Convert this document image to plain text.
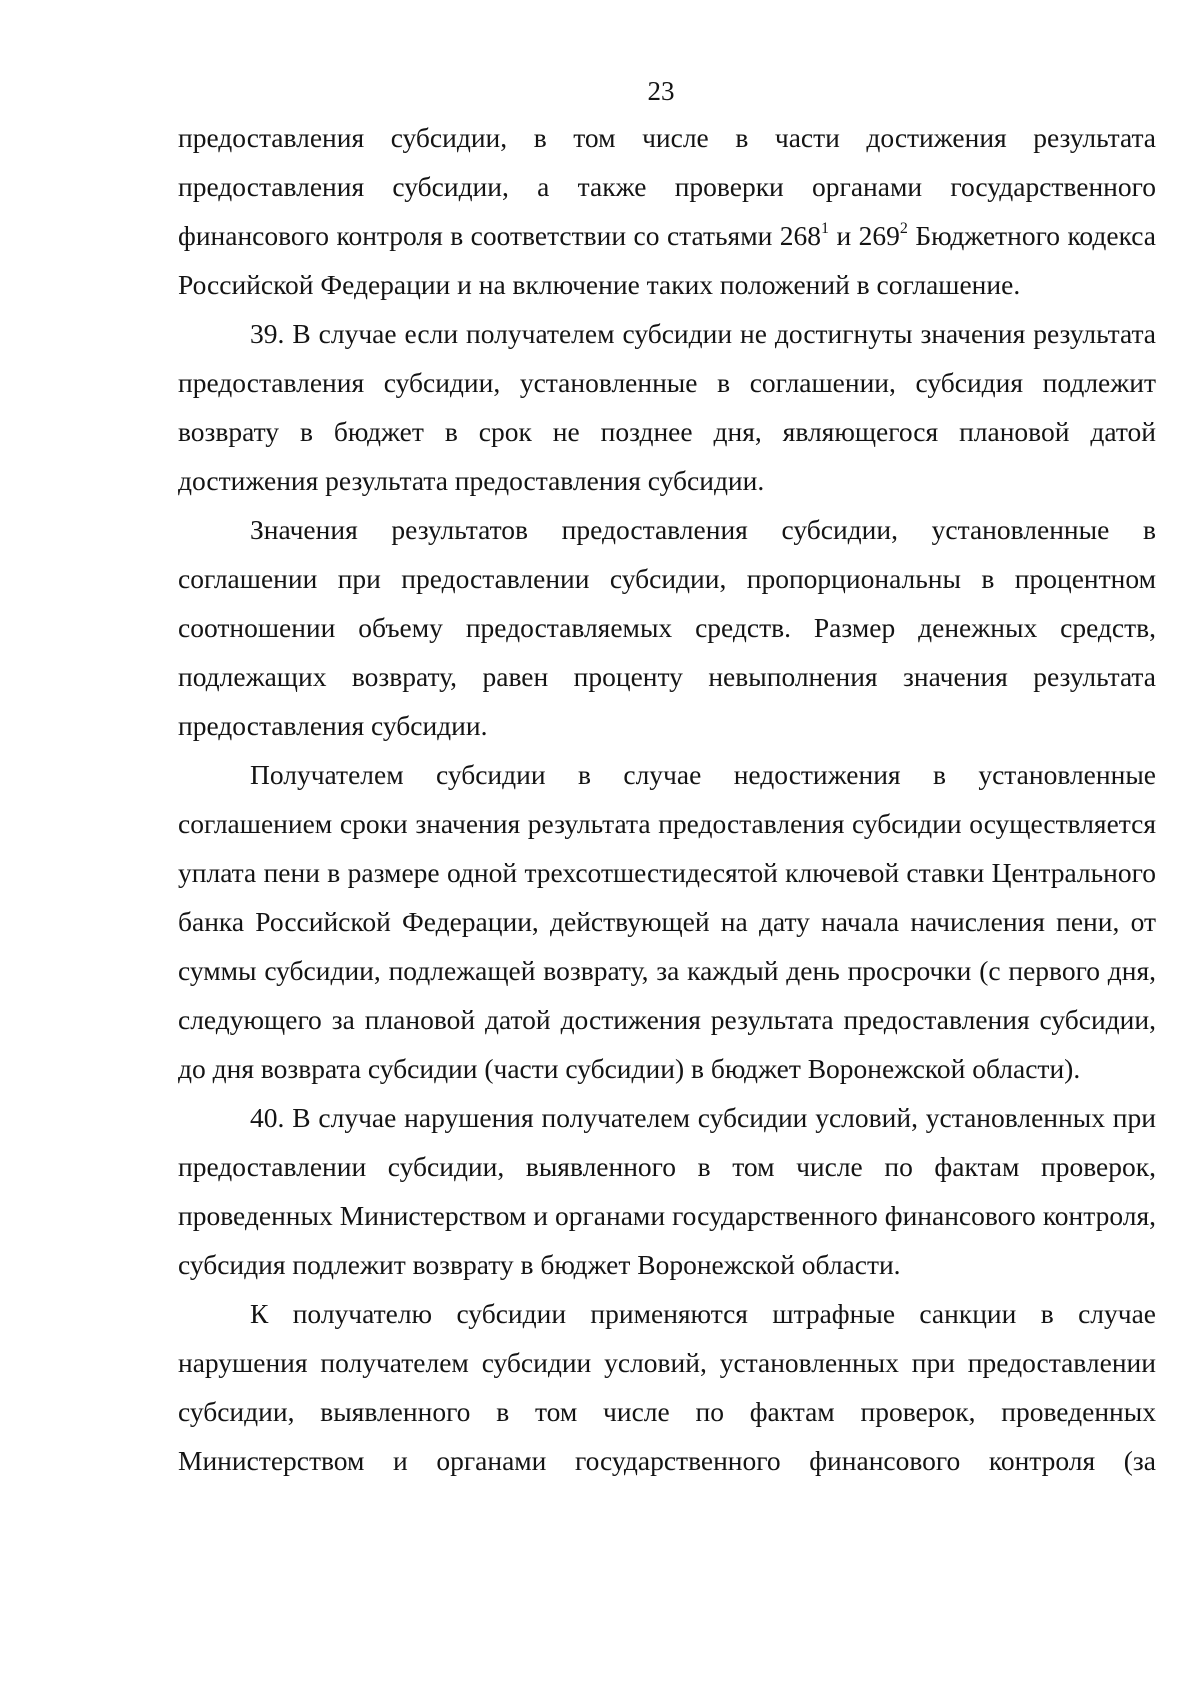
23

предоставления субсидии, в том числе в части достижения результата предоставления субсидии, а также проверки органами государственного финансового контроля в соответствии со статьями $268^1$ и $269^2$ Бюджетного кодекса Российской Федерации и на включение таких положений в соглашение.

39. В случае если получателем субсидии не достигнуты значения результата предоставления субсидии, установленные в соглашении, субсидия подлежит возврату в бюджет в срок не позднее дня, являющегося плановой датой достижения результата предоставления субсидии.

Значения результатов предоставления субсидии, установленные в соглашении при предоставлении субсидии, пропорциональны в процентном соотношении объему предоставляемых средств. Размер денежных средств, подлежащих возврату, равен проценту невыполнения значения результата предоставления субсидии.

Получателем субсидии в случае недостижения в установленные соглашением сроки значения результата предоставления субсидии осуществляется уплата пени в размере одной трехсотшестидесятой ключевой ставки Центрального банка Российской Федерации, действующей на дату начала начисления пени, от суммы субсидии, подлежащей возврату, за каждый день просрочки (с первого дня, следующего за плановой датой достижения результата предоставления субсидии, до дня возврата субсидии (части субсидии) в бюджет Воронежской области).

40. В случае нарушения получателем субсидии условий, установленных при предоставлении субсидии, выявленного в том числе по фактам проверок, проведенных Министерством и органами государственного финансового контроля, субсидия подлежит возврату в бюджет Воронежской области.

К получателю субсидии применяются штрафные санкции в случае нарушения получателем субсидии условий, установленных при предоставлении субсидии, выявленного в том числе по фактам проверок, проведенных Министерством и органами государственного финансового контроля (за
